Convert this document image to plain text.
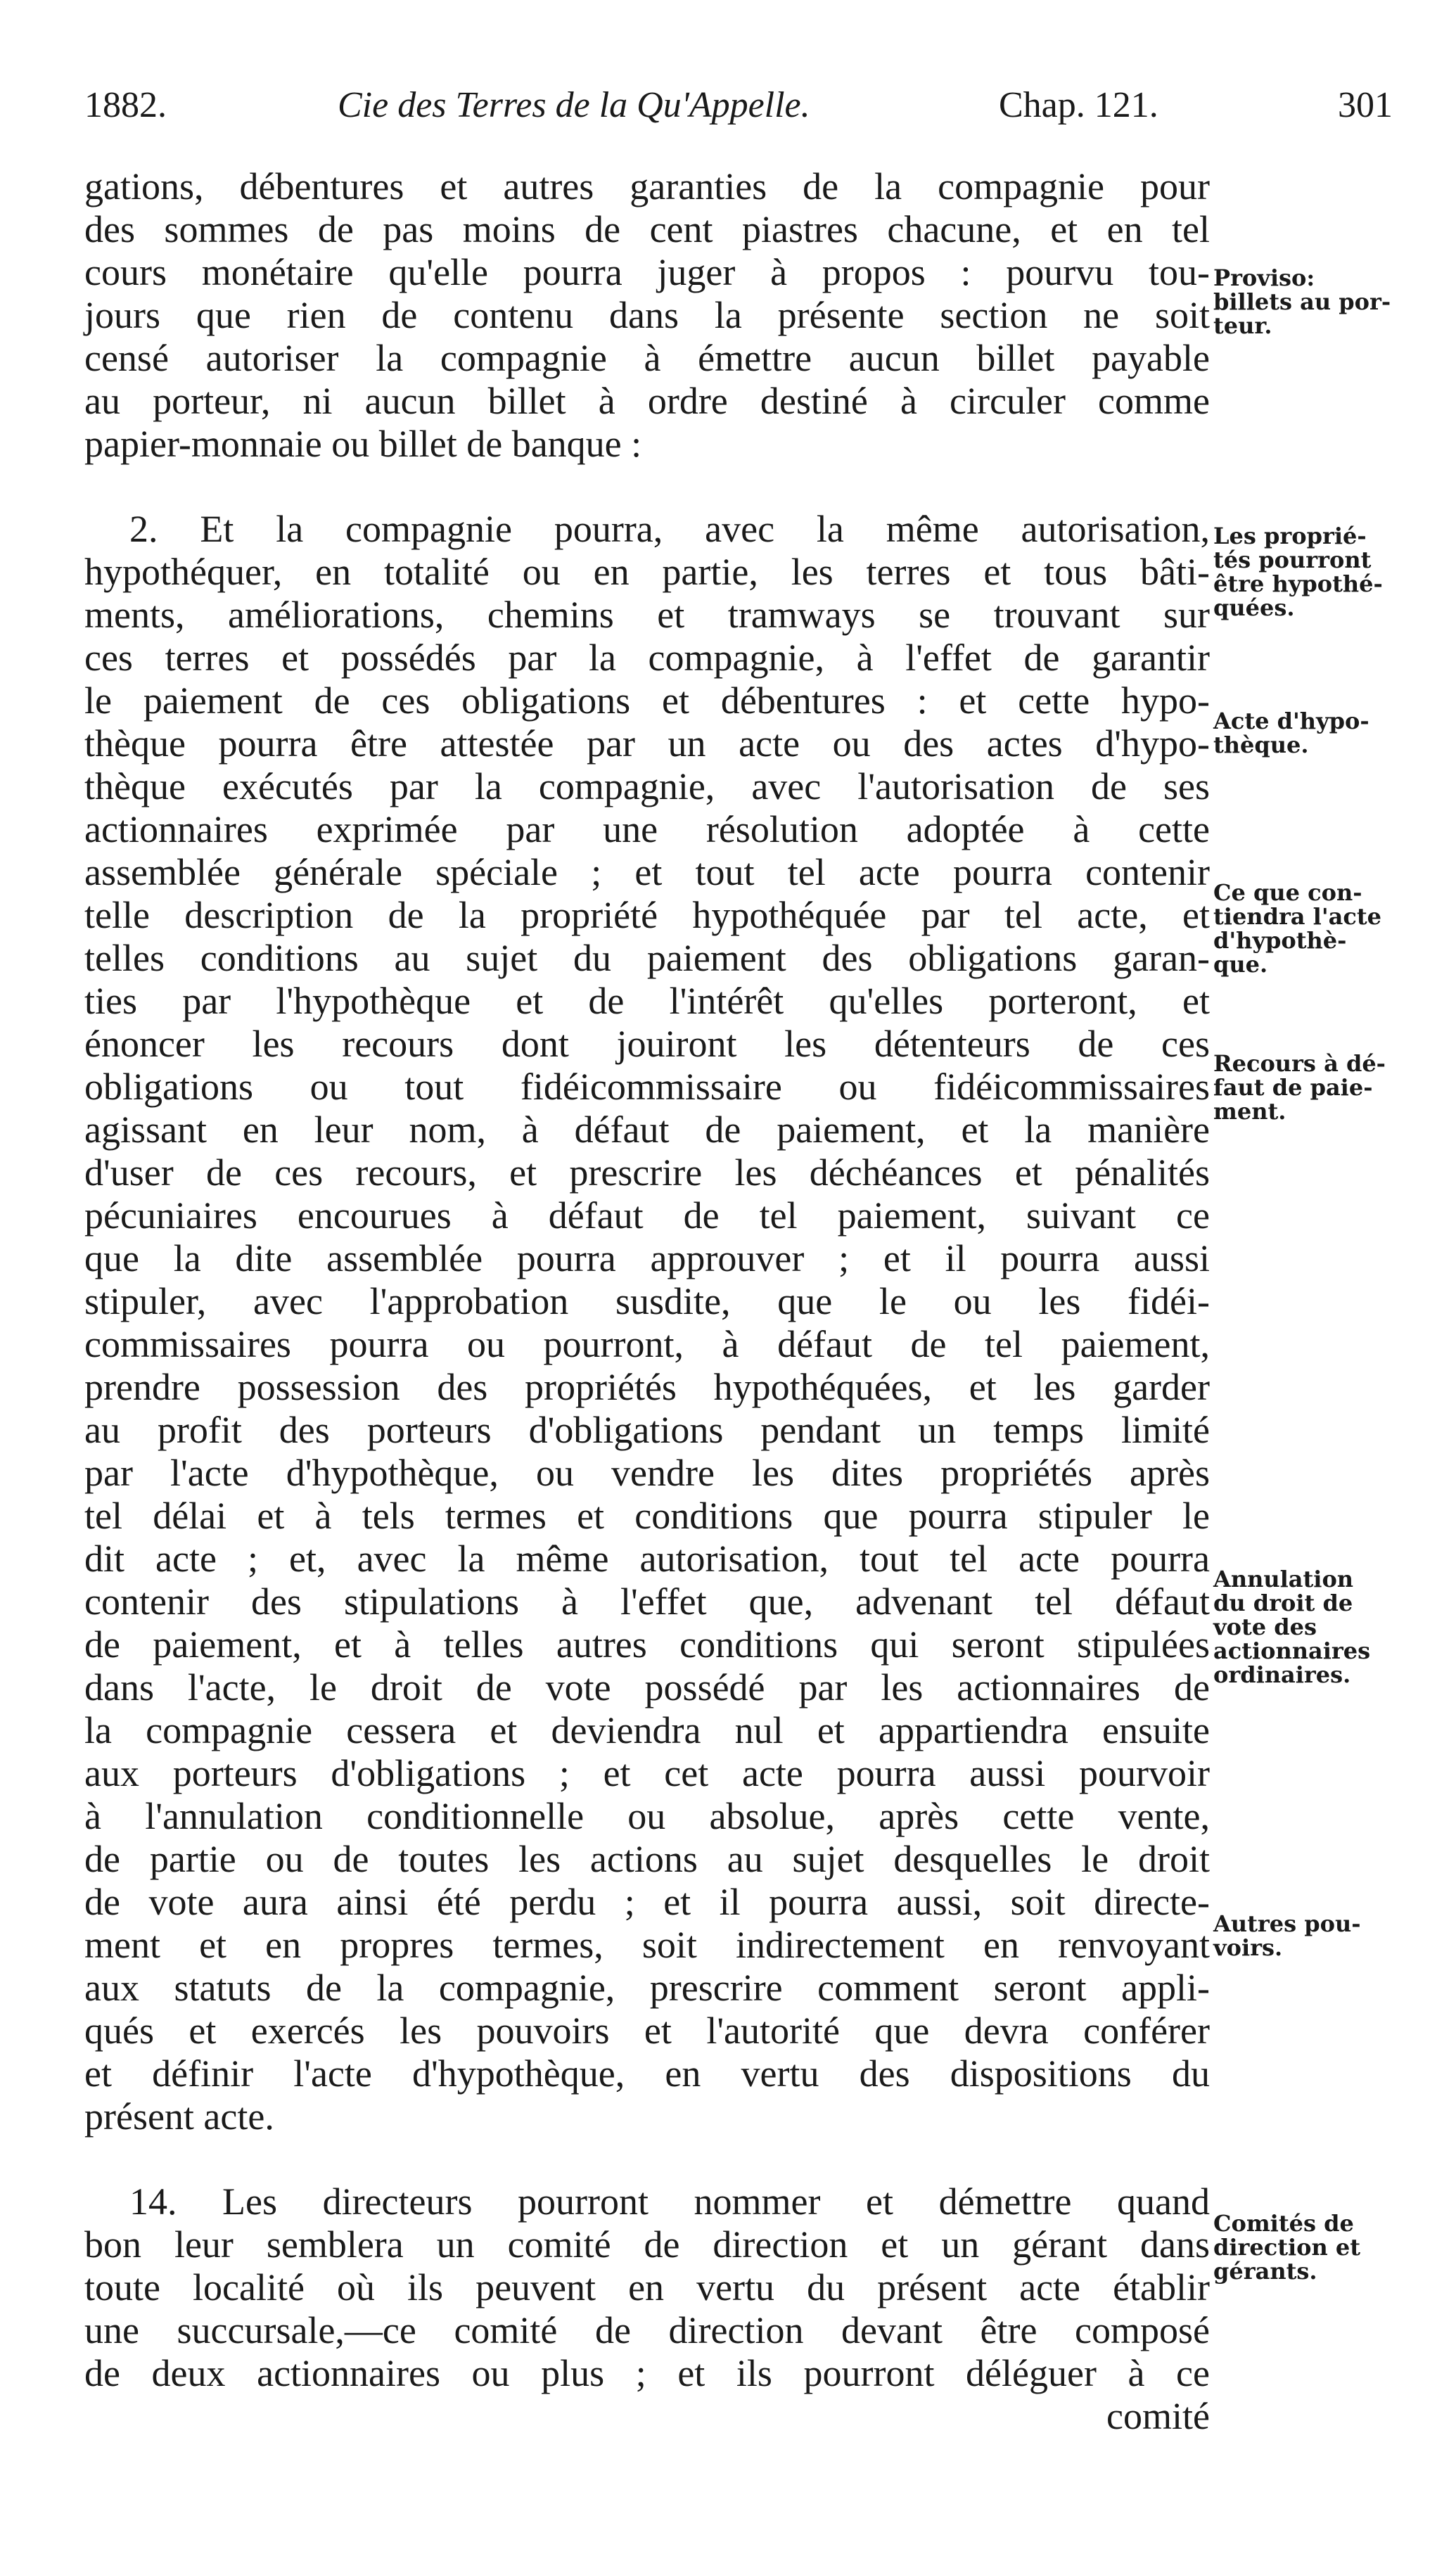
1882.	Cie des Terres de la Qu'Appelle.	Chap. 121.	301
gations, débentures et autres garanties de la compagnie pour
des sommes de pas moins de cent piastres chacune, et en tel
cours monétaire qu'elle pourra juger à propos : pourvu tou-
jours que rien de contenu dans la présente section ne soit
censé autoriser la compagnie à émettre aucun billet payable
au porteur, ni aucun billet à ordre destiné à circuler comme
papier-monnaie ou billet de banque :
2. Et la compagnie pourra, avec la même autorisation,
hypothéquer, en totalité ou en partie, les terres et tous bâti-
ments, améliorations, chemins et tramways se trouvant sur
ces terres et possédés par la compagnie, à l'effet de garantir
le paiement de ces obligations et débentures : et cette hypo-
thèque pourra être attestée par un acte ou des actes d'hypo-
thèque exécutés par la compagnie, avec l'autorisation de ses
actionnaires exprimée par une résolution adoptée à cette
assemblée générale spéciale ; et tout tel acte pourra contenir
telle description de la propriété hypothéquée par tel acte, et
telles conditions au sujet du paiement des obligations garan-
ties par l'hypothèque et de l'intérêt qu'elles porteront, et
énoncer les recours dont jouiront les détenteurs de ces
obligations ou tout fidéicommissaire ou fidéicommissaires
agissant en leur nom, à défaut de paiement, et la manière
d'user de ces recours, et prescrire les déchéances et pénalités
pécuniaires encourues à défaut de tel paiement, suivant ce
que la dite assemblée pourra approuver ; et il pourra aussi
stipuler, avec l'approbation susdite, que le ou les fidéi-
commissaires pourra ou pourront, à défaut de tel paiement,
prendre possession des propriétés hypothéquées, et les garder
au profit des porteurs d'obligations pendant un temps limité
par l'acte d'hypothèque, ou vendre les dites propriétés après
tel délai et à tels termes et conditions que pourra stipuler le
dit acte ; et, avec la même autorisation, tout tel acte pourra
contenir des stipulations à l'effet que, advenant tel défaut
de paiement, et à telles autres conditions qui seront stipulées
dans l'acte, le droit de vote possédé par les actionnaires de
la compagnie cessera et deviendra nul et appartiendra ensuite
aux porteurs d'obligations ; et cet acte pourra aussi pourvoir
à l'annulation conditionnelle ou absolue, après cette vente,
de partie ou de toutes les actions au sujet desquelles le droit
de vote aura ainsi été perdu ; et il pourra aussi, soit directe-
ment et en propres termes, soit indirectement en renvoyant
aux statuts de la compagnie, prescrire comment seront appli-
qués et exercés les pouvoirs et l'autorité que devra conférer
et définir l'acte d'hypothèque, en vertu des dispositions du
présent acte.
14. Les directeurs pourront nommer et démettre quand
bon leur semblera un comité de direction et un gérant dans
toute localité où ils peuvent en vertu du présent acte établir
une succursale,—ce comité de direction devant être composé
de deux actionnaires ou plus ; et ils pourront déléguer à ce
comité
Proviso:
billets au por-
teur.
Les proprié-
tés pourront
être hypothé-
quées.
Acte d'hypo-
thèque.
Ce que con-
tiendra l'acte
d'hypothè-
que.
Recours à dé-
faut de paie-
ment.
Annulation
du droit de
vote des
actionnaires
ordinaires.
Autres pou-
voirs.
Comités de
direction et
gérants.
